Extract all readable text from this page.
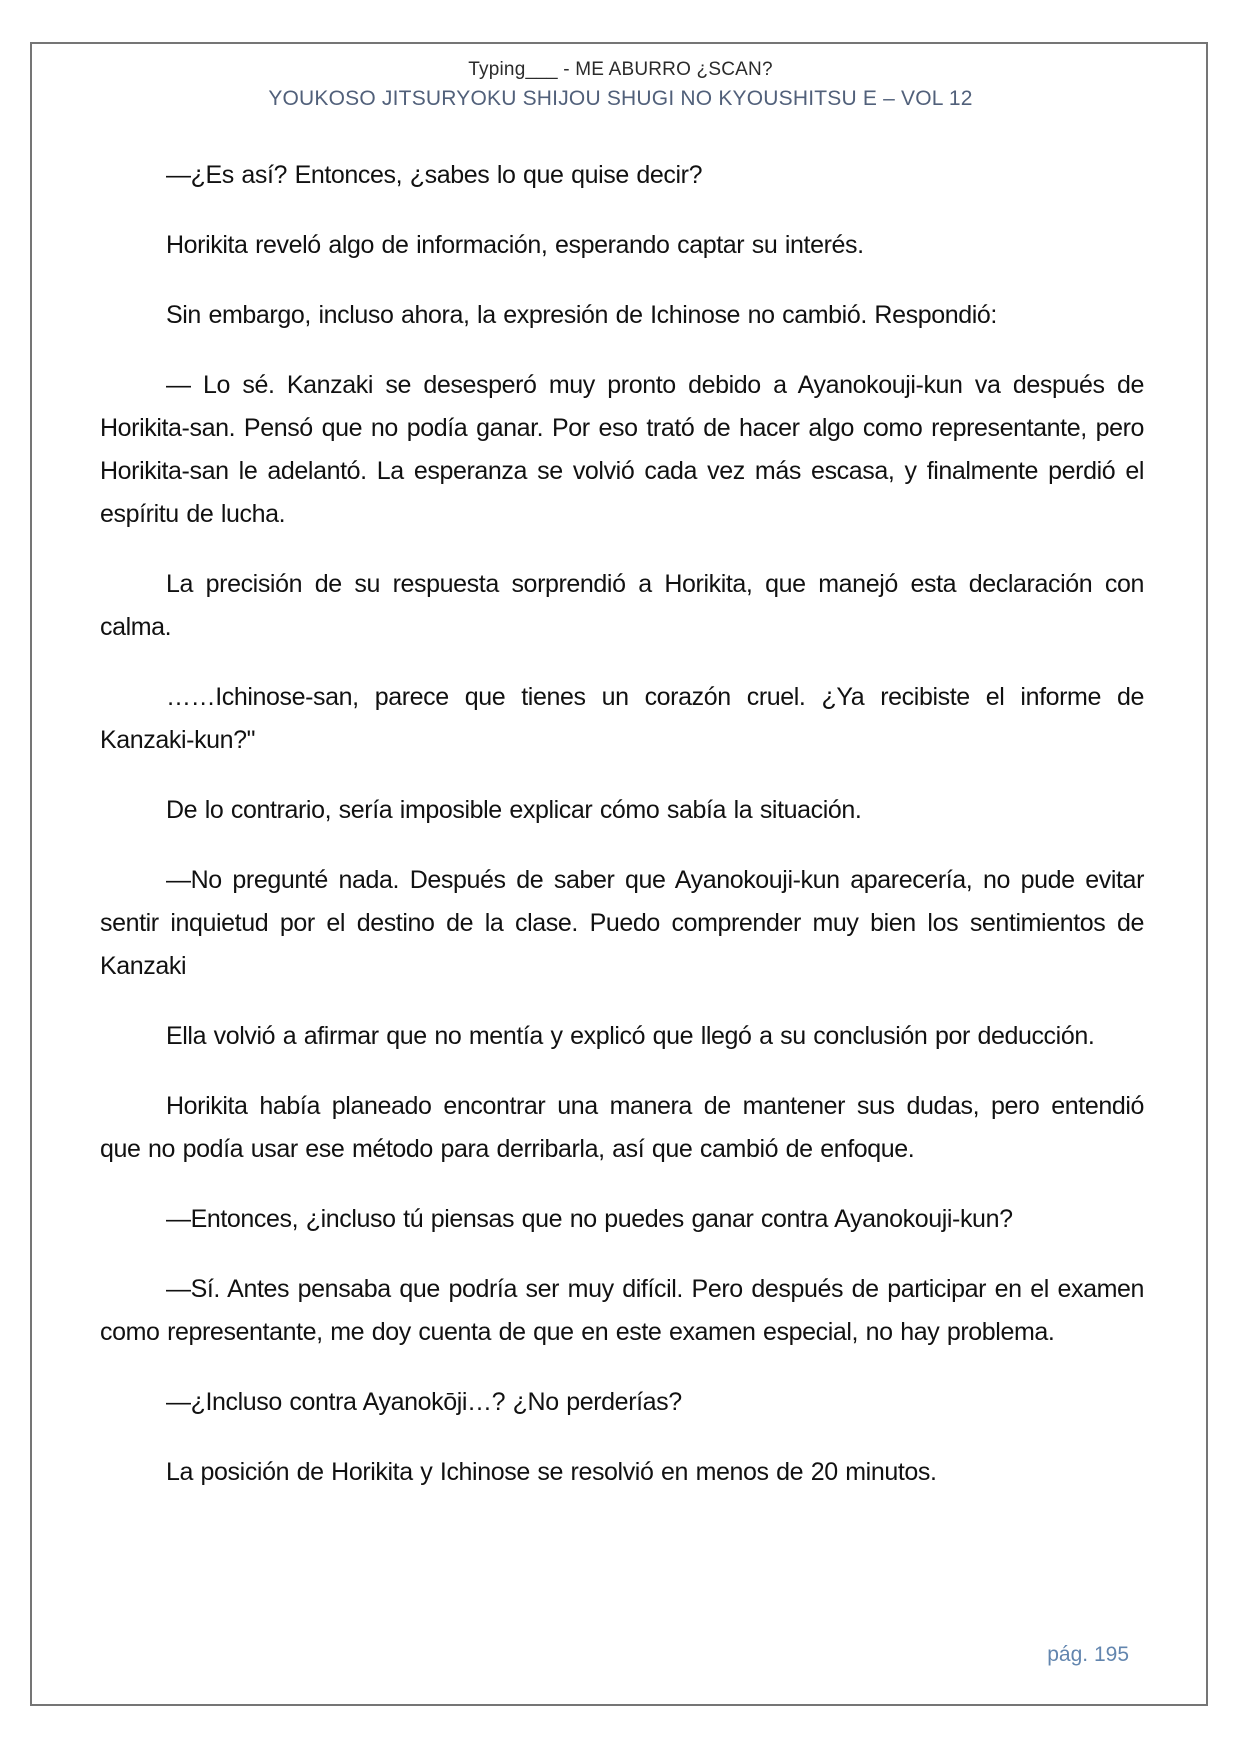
Typing___ - ME ABURRO ¿SCAN?
YOUKOSO JITSURYOKU SHIJOU SHUGI NO KYOUSHITSU E – VOL 12

—¿Es así? Entonces, ¿sabes lo que quise decir?

Horikita reveló algo de información, esperando captar su interés.

Sin embargo, incluso ahora, la expresión de Ichinose no cambió. Respondió:

— Lo sé. Kanzaki se desesperó muy pronto debido a Ayanokouji-kun va después de Horikita-san. Pensó que no podía ganar. Por eso trató de hacer algo como representante, pero Horikita-san le adelantó. La esperanza se volvió cada vez más escasa, y finalmente perdió el espíritu de lucha.

La precisión de su respuesta sorprendió a Horikita, que manejó esta declaración con calma.

……Ichinose-san, parece que tienes un corazón cruel. ¿Ya recibiste el informe de Kanzaki-kun?"

De lo contrario, sería imposible explicar cómo sabía la situación.

—No pregunté nada. Después de saber que Ayanokouji-kun aparecería, no pude evitar sentir inquietud por el destino de la clase. Puedo comprender muy bien los sentimientos de Kanzaki

Ella volvió a afirmar que no mentía y explicó que llegó a su conclusión por deducción.

Horikita había planeado encontrar una manera de mantener sus dudas, pero entendió que no podía usar ese método para derribarla, así que cambió de enfoque.

—Entonces, ¿incluso tú piensas que no puedes ganar contra Ayanokouji-kun?

—Sí. Antes pensaba que podría ser muy difícil. Pero después de participar en el examen como representante, me doy cuenta de que en este examen especial, no hay problema.

—¿Incluso contra Ayanokōji…? ¿No perderías?

La posición de Horikita y Ichinose se resolvió en menos de 20 minutos.

pág. 195
